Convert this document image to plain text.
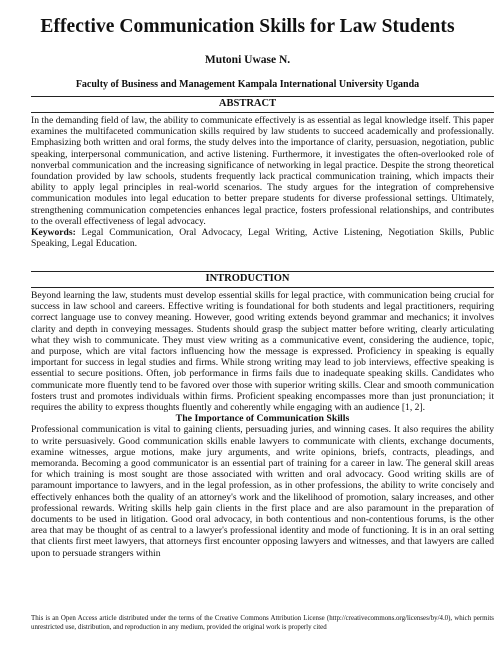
Effective Communication Skills for Law Students
Mutoni Uwase N.
Faculty of Business and Management Kampala International University Uganda
ABSTRACT

In the demanding field of law, the ability to communicate effectively is as essential as legal knowledge itself. This paper examines the multifaceted communication skills required by law students to succeed academically and professionally. Emphasizing both written and oral forms, the study delves into the importance of clarity, persuasion, negotiation, public speaking, interpersonal communication, and active listening. Furthermore, it investigates the often-overlooked role of nonverbal communication and the increasing significance of networking in legal practice. Despite the strong theoretical foundation provided by law schools, students frequently lack practical communication training, which impacts their ability to apply legal principles in real-world scenarios. The study argues for the integration of comprehensive communication modules into legal education to better prepare students for diverse professional settings. Ultimately, strengthening communication competencies enhances legal practice, fosters professional relationships, and contributes to the overall effectiveness of legal advocacy.
Keywords: Legal Communication, Oral Advocacy, Legal Writing, Active Listening, Negotiation Skills, Public Speaking, Legal Education.

INTRODUCTION

Beyond learning the law, students must develop essential skills for legal practice, with communication being crucial for success in law school and careers. Effective writing is foundational for both students and legal practitioners, requiring correct language use to convey meaning. However, good writing extends beyond grammar and mechanics; it involves clarity and depth in conveying messages. Students should grasp the subject matter before writing, clearly articulating what they wish to communicate. They must view writing as a communicative event, considering the audience, topic, and purpose, which are vital factors influencing how the message is expressed. Proficiency in speaking is equally important for success in legal studies and firms. While strong writing may lead to job interviews, effective speaking is essential to secure positions. Often, job performance in firms fails due to inadequate speaking skills. Candidates who communicate more fluently tend to be favored over those with superior writing skills. Clear and smooth communication fosters trust and promotes individuals within firms. Proficient speaking encompasses more than just pronunciation; it requires the ability to express thoughts fluently and coherently while engaging with an audience [1, 2].
The Importance of Communication Skills
Professional communication is vital to gaining clients, persuading juries, and winning cases. It also requires the ability to write persuasively. Good communication skills enable lawyers to communicate with clients, exchange documents, examine witnesses, argue motions, make jury arguments, and write opinions, briefs, contracts, pleadings, and memoranda. Becoming a good communicator is an essential part of training for a career in law. The general skill areas for which training is most sought are those associated with written and oral advocacy. Good writing skills are of paramount importance to lawyers, and in the legal profession, as in other professions, the ability to write concisely and effectively enhances both the quality of an attorney's work and the likelihood of promotion, salary increases, and other professional rewards. Writing skills help gain clients in the first place and are also paramount in the preparation of documents to be used in litigation. Good oral advocacy, in both contentious and non-contentious forums, is the other area that may be thought of as central to a lawyer's professional identity and mode of functioning. It is in an oral setting that clients first meet lawyers, that attorneys first encounter opposing lawyers and witnesses, and that lawyers are called upon to persuade strangers within

This is an Open Access article distributed under the terms of the Creative Commons Attribution License (http://creativecommons.org/licenses/by/4.0), which permits unrestricted use, distribution, and reproduction in any medium, provided the original work is properly cited
